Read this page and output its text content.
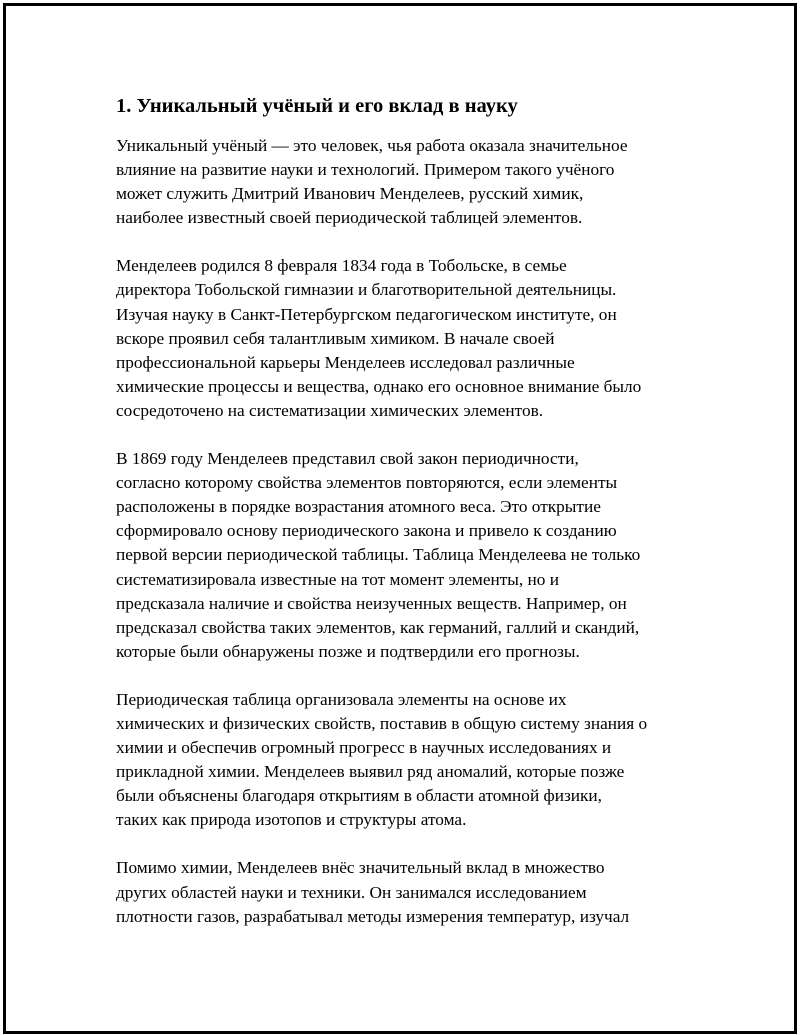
1. Уникальный учёный и его вклад в науку

Уникальный учёный — это человек, чья работа оказала значительное
влияние на развитие науки и технологий. Примером такого учёного
может служить Дмитрий Иванович Менделеев, русский химик,
наиболее известный своей периодической таблицей элементов.

Менделеев родился 8 февраля 1834 года в Тобольске, в семье
директора Тобольской гимназии и благотворительной деятельницы.
Изучая науку в Санкт-Петербургском педагогическом институте, он
вскоре проявил себя талантливым химиком. В начале своей
профессиональной карьеры Менделеев исследовал различные
химические процессы и вещества, однако его основное внимание было
сосредоточено на систематизации химических элементов.

В 1869 году Менделеев представил свой закон периодичности,
согласно которому свойства элементов повторяются, если элементы
расположены в порядке возрастания атомного веса. Это открытие
сформировало основу периодического закона и привело к созданию
первой версии периодической таблицы. Таблица Менделеева не только
систематизировала известные на тот момент элементы, но и
предсказала наличие и свойства неизученных веществ. Например, он
предсказал свойства таких элементов, как германий, галлий и скандий,
которые были обнаружены позже и подтвердили его прогнозы.

Периодическая таблица организовала элементы на основе их
химических и физических свойств, поставив в общую систему знания о
химии и обеспечив огромный прогресс в научных исследованиях и
прикладной химии. Менделеев выявил ряд аномалий, которые позже
были объяснены благодаря открытиям в области атомной физики,
таких как природа изотопов и структуры атома.

Помимо химии, Менделеев внёс значительный вклад в множество
других областей науки и техники. Он занимался исследованием
плотности газов, разрабатывал методы измерения температур, изучал
